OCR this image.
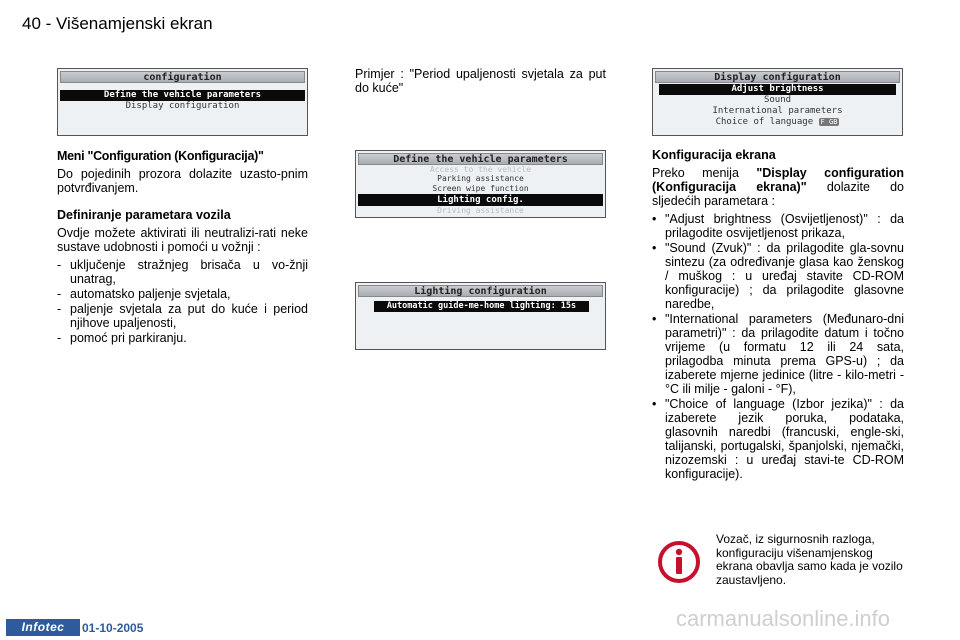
40 - Višenamjenski ekran
configuration
Define the vehicle parameters
Display configuration
Meni "Configuration (Konfiguracija)"

Do pojedinih prozora dolazite uzasto-pnim potvrđivanjem.

Definiranje parametara vozila

Ovdje možete aktivirati ili neutralizi-rati neke sustave udobnosti i pomoći u vožnji :

- uključenje stražnjeg brisača u vo-žnji unatrag,
- automatsko paljenje svjetala,
- paljenje svjetala za put do kuće i period njihove upaljenosti,
- pomoć pri parkiranju.

Primjer : "Period upaljenosti svjetala za put do kuće"

Define the vehicle parameters
Access to the vehicle
Parking assistance
Screen wipe function
Lighting config.
Driving assistance
Lighting configuration
Automatic guide-me-home lighting: 15s
Display configuration
Adjust brightness
Sound
International parameters
Choice of language F GB
Konfiguracija ekrana

Preko menija "Display configuration (Konfiguracija ekrana)" dolazite do sljedećih parametara :

• "Adjust brightness (Osvijetljenost)" : da prilagodite osvijetljenost prikaza,
• "Sound (Zvuk)" : da prilagodite gla-sovnu sintezu (za određivanje glasa kao ženskog / muškog : u uređaj stavite CD-ROM konfiguracije) ; da prilagodite glasovne naredbe,
• "International parameters (Međunaro-dni parametri)" : da prilagodite datum i točno vrijeme (u formatu 12 ili 24 sata, prilagodba minuta prema GPS-u) ; da izaberete mjerne jedinice (litre - kilo-metri - °C ili milje - galoni - °F),
• "Choice of language (Izbor jezika)" : da izaberete jezik poruka, podataka, glasovnih naredbi (francuski, engle-ski, talijanski, portugalski, španjolski, njemački, nizozemski : u uređaj stavi-te CD-ROM konfiguracije).
Vozač, iz sigurnosnih razloga, konfiguraciju višenamjenskog ekrana obavlja samo kada je vozilo zaustavljeno.
Infotec	01-10-2005	carmanualsonline.info
